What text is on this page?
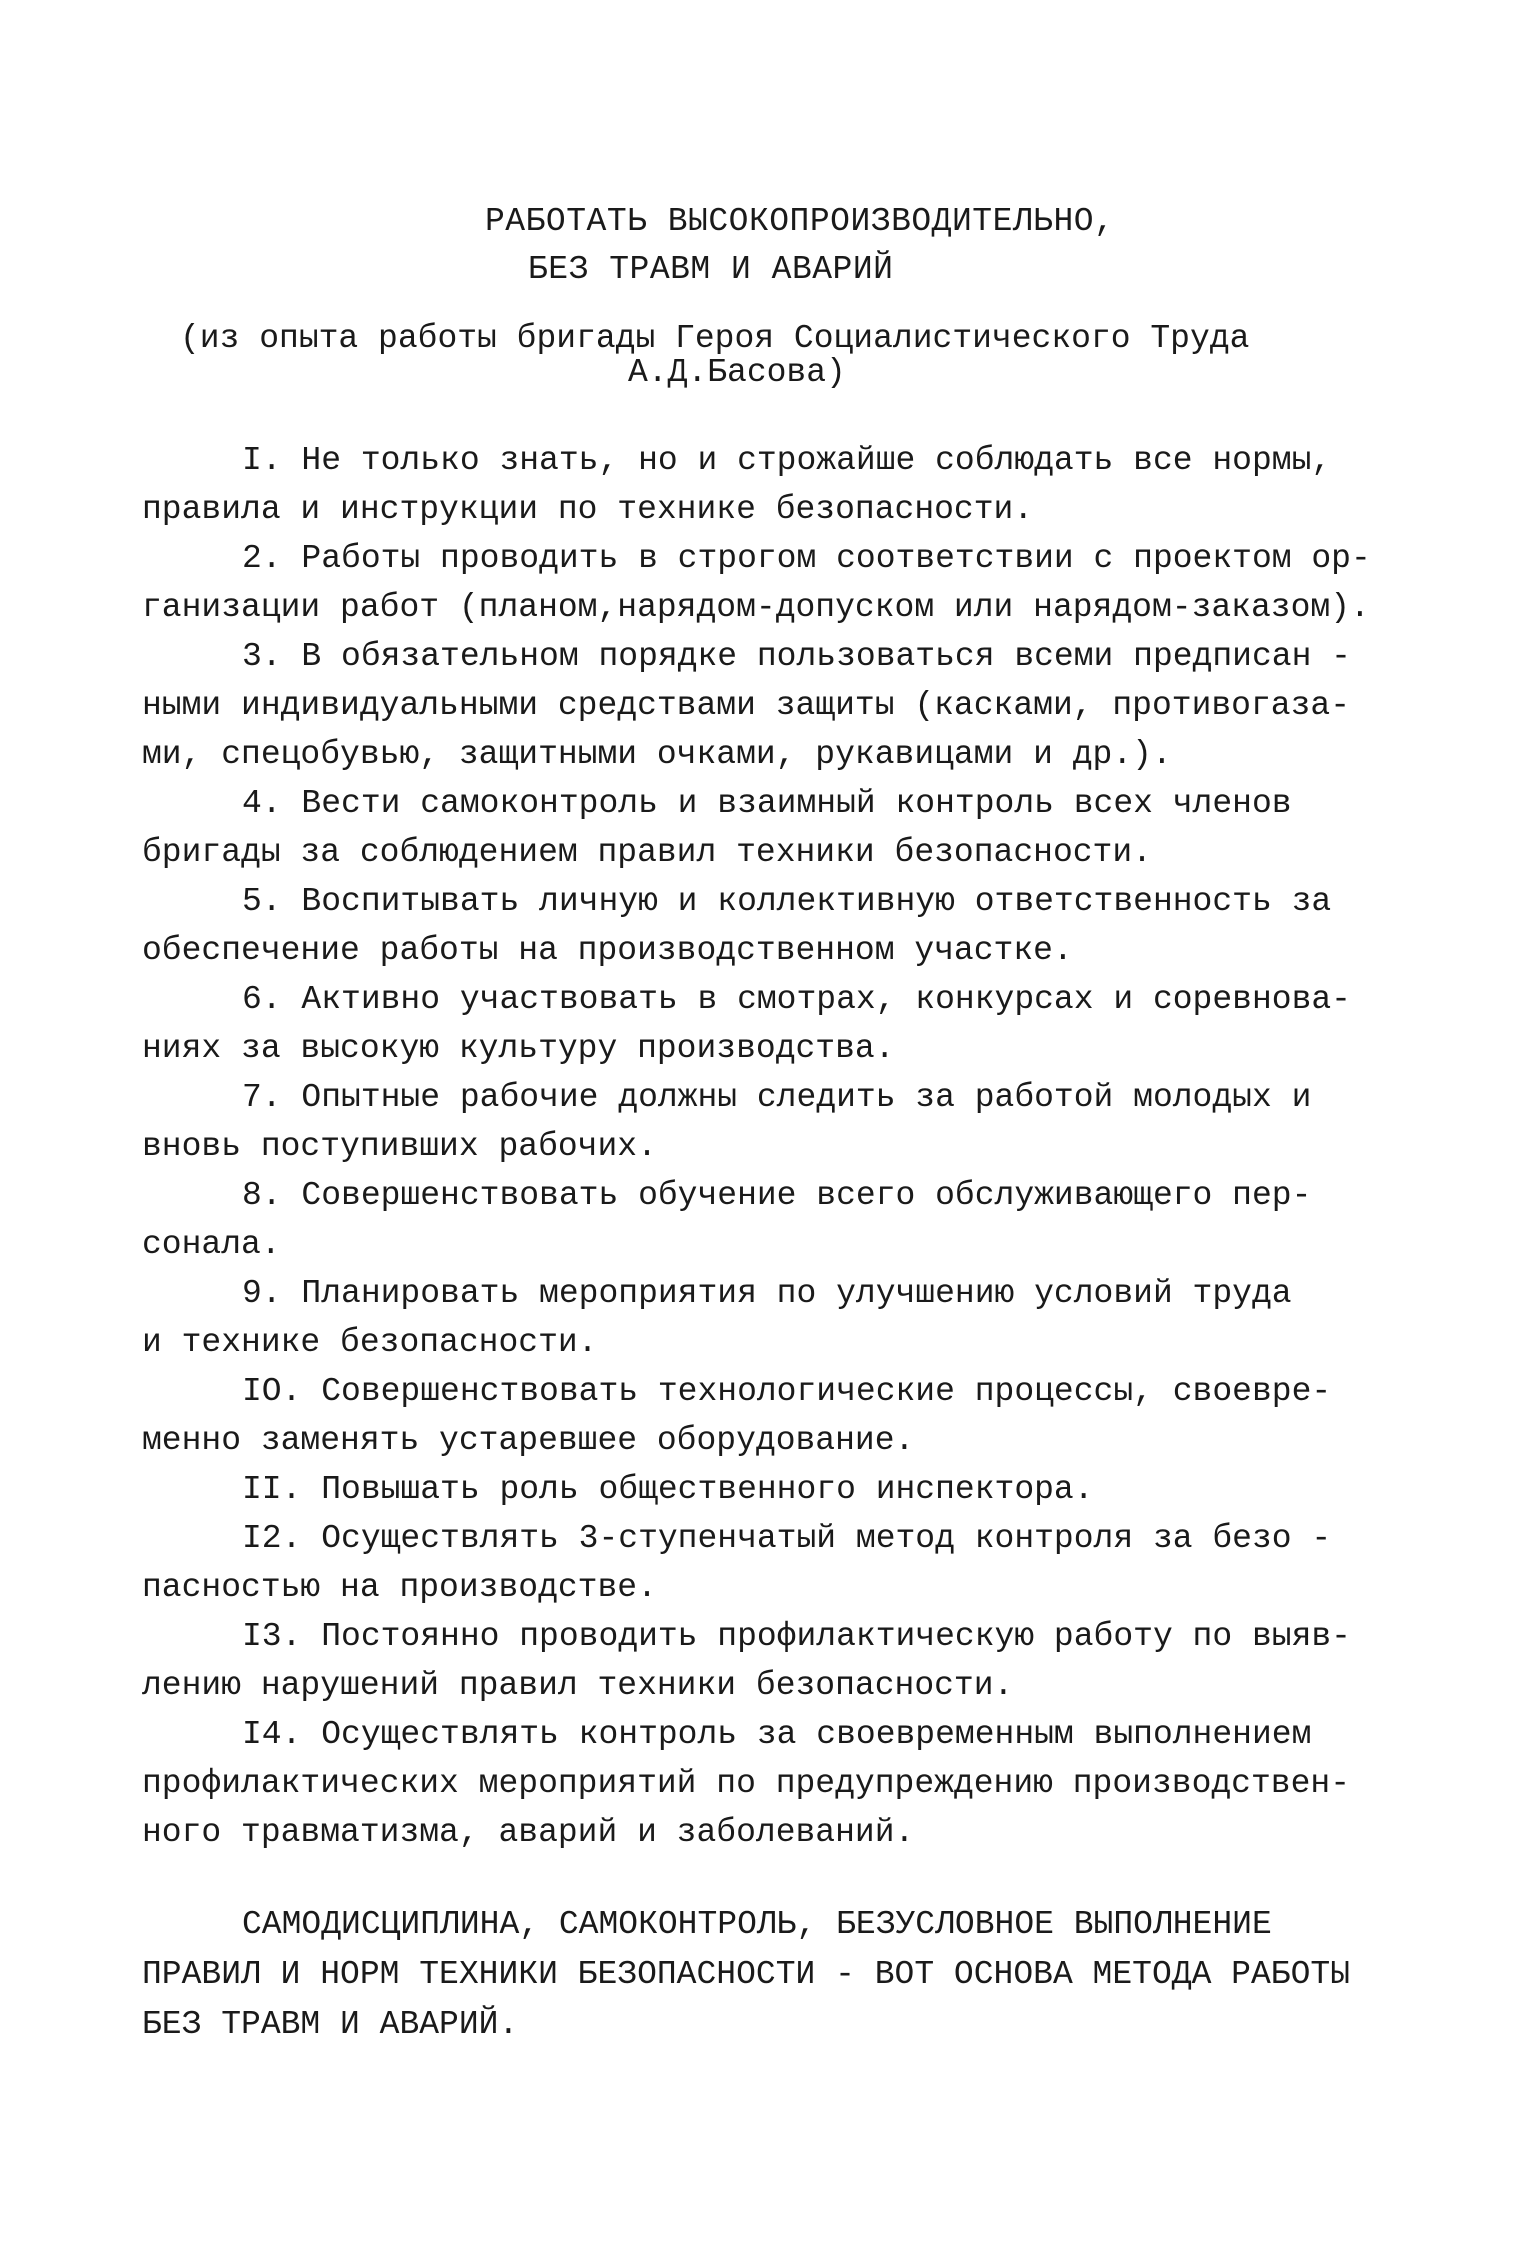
РАБОТАТЬ ВЫСОКОПРОИЗВОДИТЕЛЬНО,
БЕЗ ТРАВМ И АВАРИЙ
(из опыта работы бригады Героя Социалистического Труда
А.Д.Басова)
I. Не только знать, но и строжайше соблюдать все нормы,
правила и инструкции по технике безопасности.
2. Работы проводить в строгом соответствии с проектом ор-
ганизации работ (планом,нарядом-допуском или нарядом-заказом).
3. В обязательном порядке пользоваться всеми предписан -
ными индивидуальными средствами защиты (касками, противогаза-
ми, спецобувью, защитными очками, рукавицами и др.).
4. Вести самоконтроль и взаимный контроль всех членов
бригады за соблюдением правил техники безопасности.
5. Воспитывать личную и коллективную ответственность за
обеспечение работы на производственном участке.
6. Активно участвовать в смотрах, конкурсах и соревнова-
ниях за высокую культуру производства.
7. Опытные рабочие должны следить за работой молодых и
вновь поступивших рабочих.
8. Совершенствовать обучение всего обслуживающего пер-
сонала.
9. Планировать мероприятия по улучшению условий труда
и технике безопасности.
IO. Совершенствовать технологические процессы, своевре-
менно заменять устаревшее оборудование.
II. Повышать роль общественного инспектора.
I2. Осуществлять 3-ступенчатый метод контроля за безо -
пасностью на производстве.
I3. Постоянно проводить профилактическую работу по выяв-
лению нарушений правил техники безопасности.
I4. Осуществлять контроль за своевременным выполнением
профилактических мероприятий по предупреждению производствен-
ного травматизма, аварий и заболеваний.
САМОДИСЦИПЛИНА, САМОКОНТРОЛЬ, БЕЗУСЛОВНОЕ ВЫПОЛНЕНИЕ
ПРАВИЛ И НОРМ ТЕХНИКИ БЕЗОПАСНОСТИ - ВОТ ОСНОВА МЕТОДА РАБОТЫ
БЕЗ ТРАВМ И АВАРИЙ.
